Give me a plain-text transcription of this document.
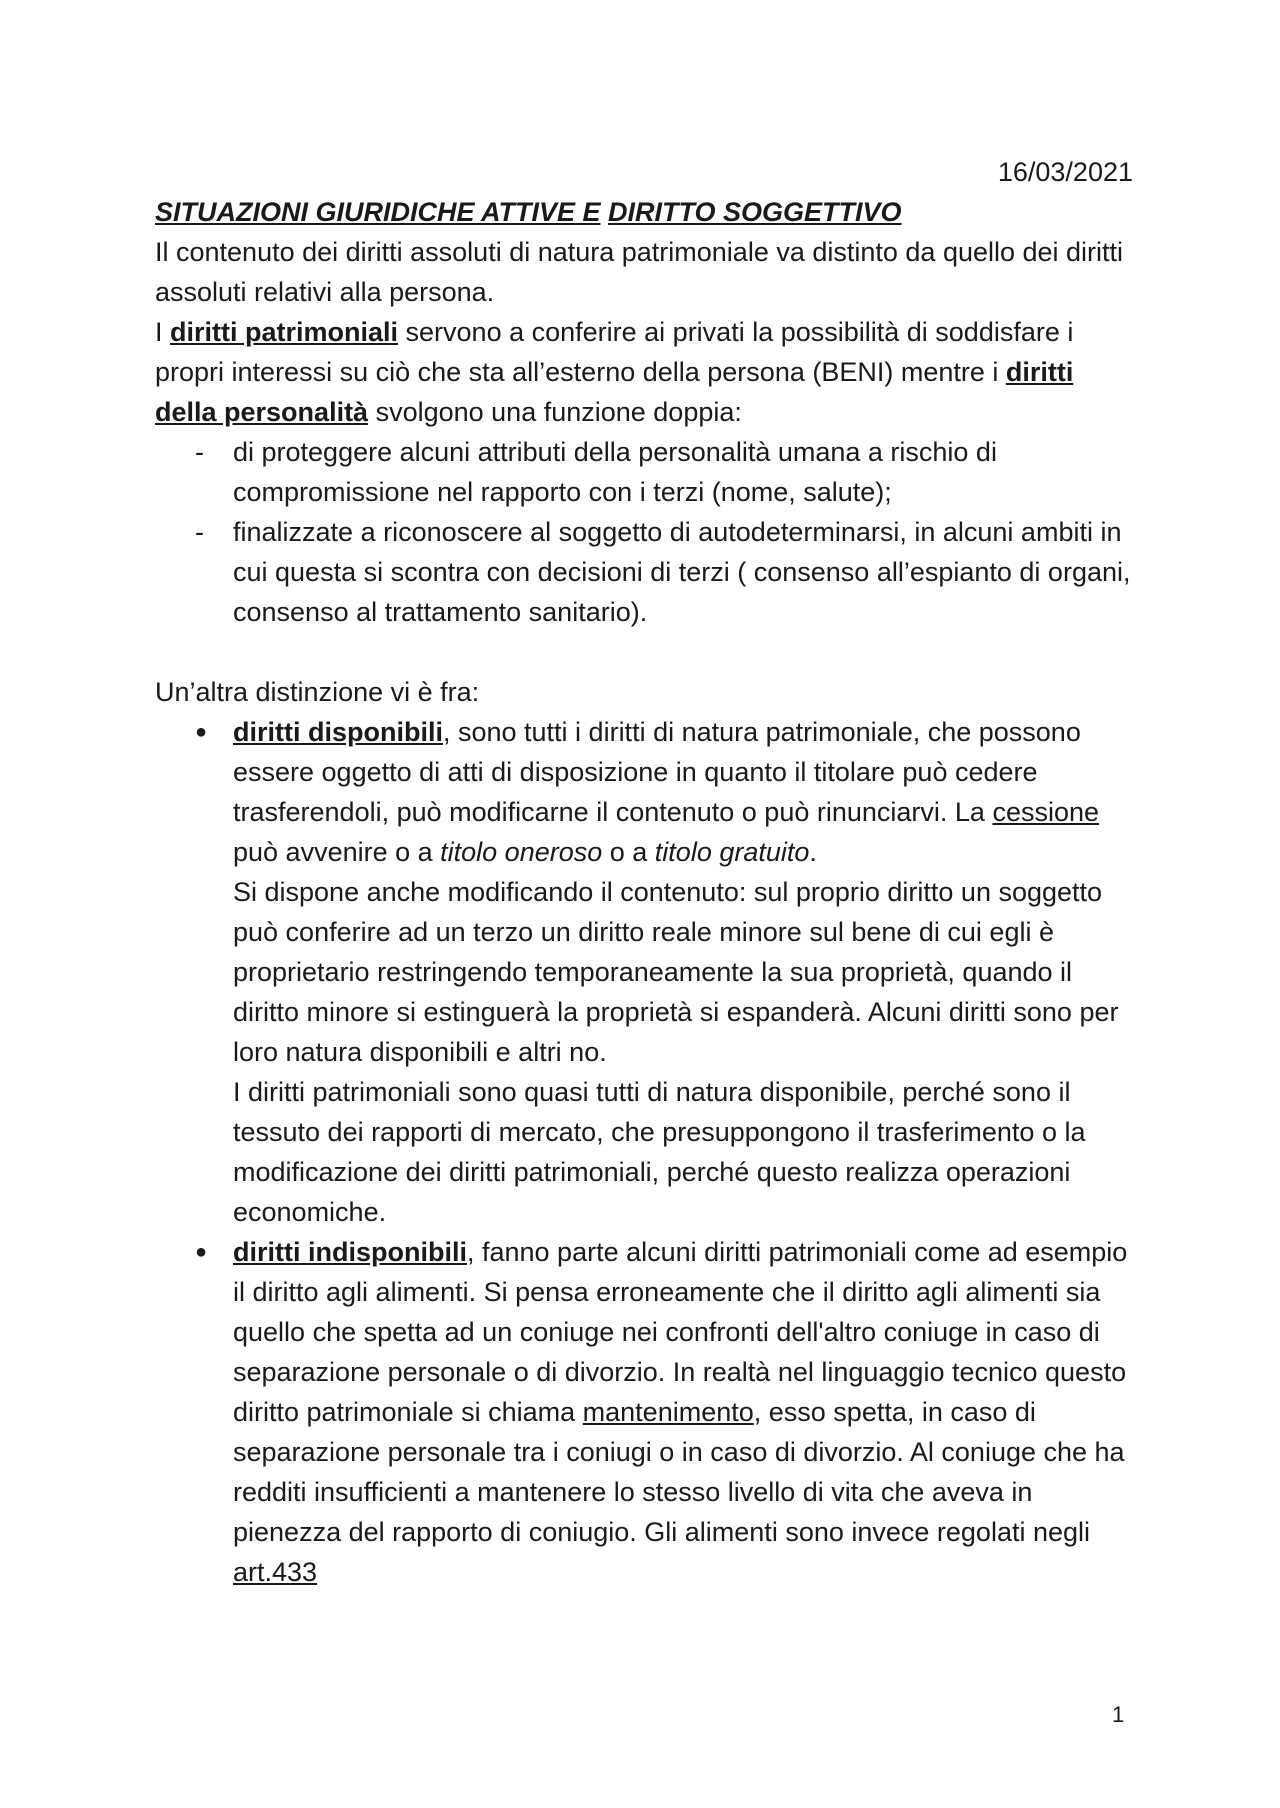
16/03/2021
SITUAZIONI GIURIDICHE ATTIVE E DIRITTO SOGGETTIVO
Il contenuto dei diritti assoluti di natura patrimoniale va distinto da quello dei diritti assoluti relativi alla persona.
I diritti patrimoniali servono a conferire ai privati la possibilità di soddisfare i propri interessi su ciò che sta all’esterno della persona (BENI) mentre i diritti della personalità svolgono una funzione doppia:
- di proteggere alcuni attributi della personalità umana a rischio di compromissione nel rapporto con i terzi (nome, salute);
- finalizzate a riconoscere al soggetto di autodeterminarsi, in alcuni ambiti in cui questa si scontra con decisioni di terzi ( consenso all’espianto di organi, consenso al trattamento sanitario).
Un’altra distinzione vi è fra:
● diritti disponibili, sono tutti i diritti di natura patrimoniale, che possono essere oggetto di atti di disposizione in quanto il titolare può cedere trasferendoli, può modificarne il contenuto o può rinunciarvi. La cessione può avvenire o a titolo oneroso o a titolo gratuito.
Si dispone anche modificando il contenuto: sul proprio diritto un soggetto può conferire ad un terzo un diritto reale minore sul bene di cui egli è proprietario restringendo temporaneamente la sua proprietà, quando il diritto minore si estinguerà la proprietà si espanderà. Alcuni diritti sono per loro natura disponibili e altri no.
I diritti patrimoniali sono quasi tutti di natura disponibile, perché sono il tessuto dei rapporti di mercato, che presuppongono il trasferimento o la modificazione dei diritti patrimoniali, perché questo realizza operazioni economiche.
● diritti indisponibili, fanno parte alcuni diritti patrimoniali come ad esempio il diritto agli alimenti. Si pensa erroneamente che il diritto agli alimenti sia quello che spetta ad un coniuge nei confronti dell'altro coniuge in caso di separazione personale o di divorzio. In realtà nel linguaggio tecnico questo diritto patrimoniale si chiama mantenimento, esso spetta, in caso di separazione personale tra i coniugi o in caso di divorzio. Al coniuge che ha redditi insufficienti a mantenere lo stesso livello di vita che aveva in pienezza del rapporto di coniugio. Gli alimenti sono invece regolati negli art.433
1
